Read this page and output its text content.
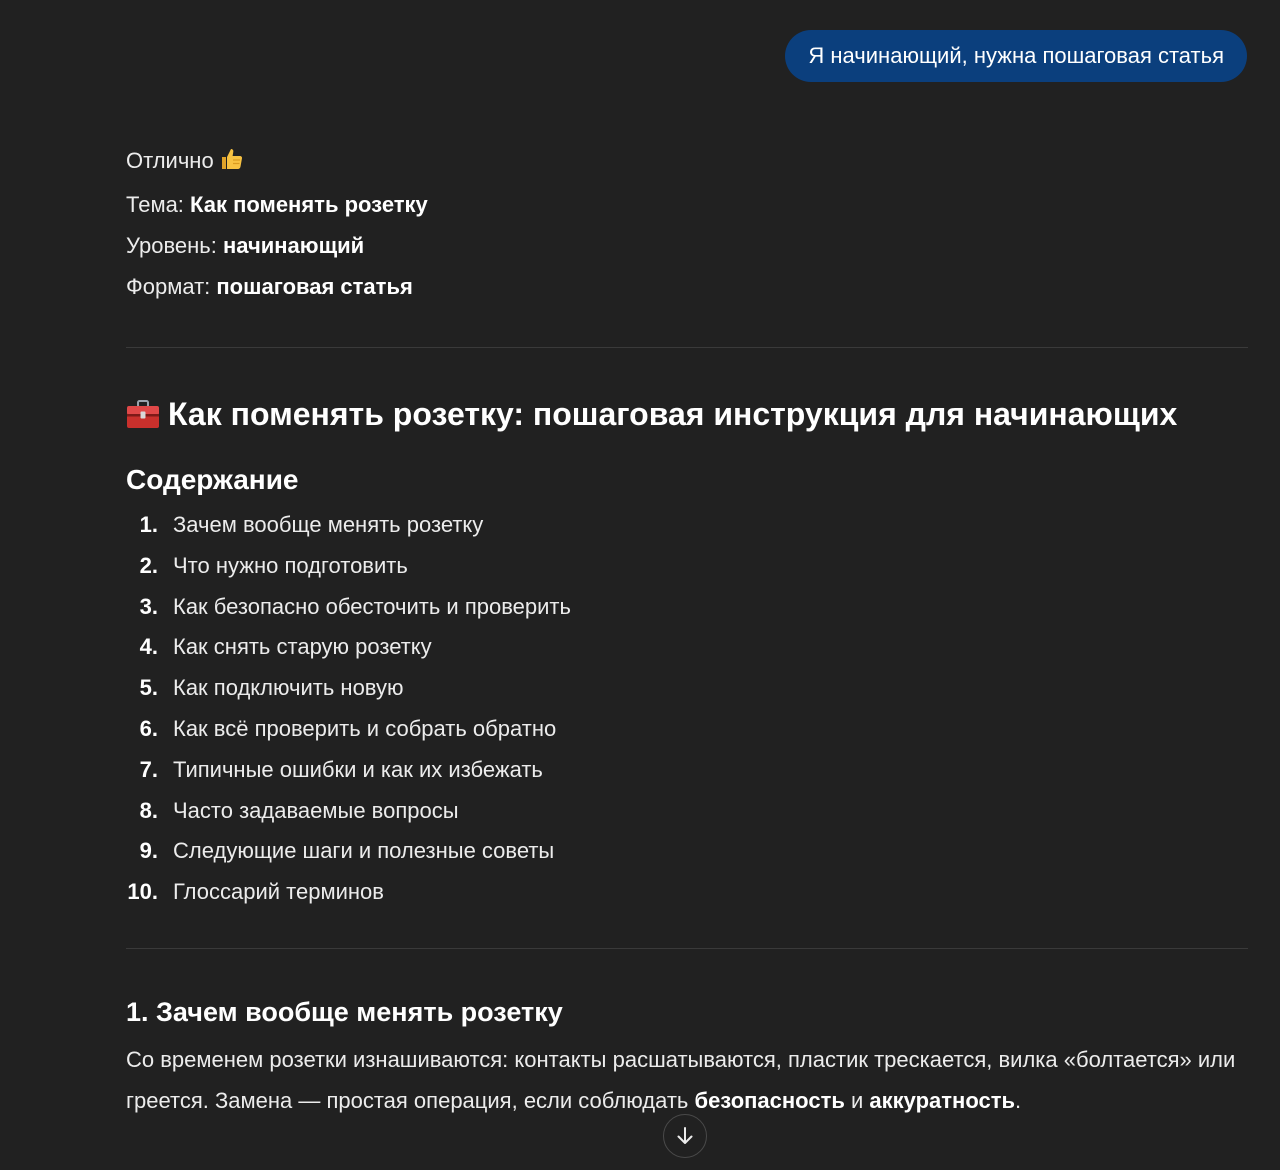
Я начинающий, нужна пошаговая статья

Отлично

Тема: Как поменять розетку

Уровень: начинающий

Формат: пошаговая статья

Как поменять розетку: пошаговая инструкция для начинающих
Содержание
1. Зачем вообще менять розетку
2. Что нужно подготовить
3. Как безопасно обесточить и проверить
4. Как снять старую розетку
5. Как подключить новую
6. Как всё проверить и собрать обратно
7. Типичные ошибки и как их избежать
8. Часто задаваемые вопросы
9. Следующие шаги и полезные советы
10. Глоссарий терминов
1. Зачем вообще менять розетку

Со временем розетки изнашиваются: контакты расшатываются, пластик трескается, вилка «болтается» или греется. Замена — простая операция, если соблюдать безопасность и аккуратность.
